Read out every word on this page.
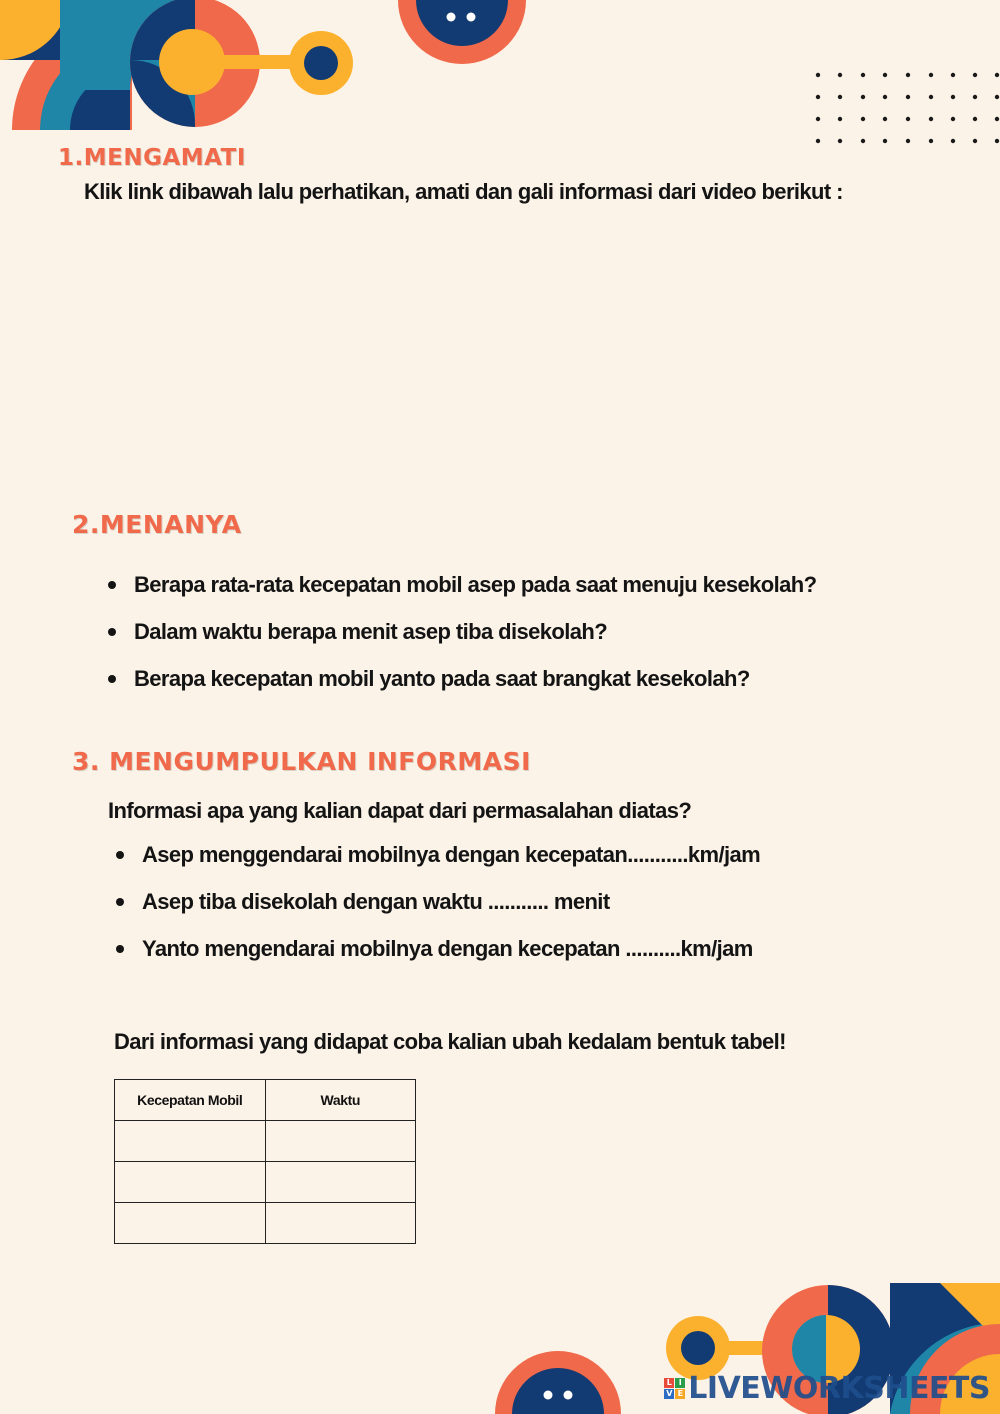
1.MENGAMATI
Klik link dibawah lalu perhatikan, amati dan gali informasi dari video berikut :
2.MENANYA
Berapa rata-rata kecepatan mobil asep pada saat menuju kesekolah?
Dalam waktu berapa menit asep tiba disekolah?
Berapa kecepatan mobil yanto pada saat brangkat kesekolah?
3. MENGUMPULKAN INFORMASI
Informasi apa yang kalian dapat dari permasalahan diatas?
Asep menggendarai mobilnya dengan kecepatan...........km/jam
Asep tiba disekolah dengan waktu ........... menit
Yanto mengendarai mobilnya dengan kecepatan ..........km/jam
Dari informasi yang didapat coba kalian ubah kedalam bentuk tabel!
Kecepatan Mobil	Waktu

L I
V E LIVEWORKSHEETS
